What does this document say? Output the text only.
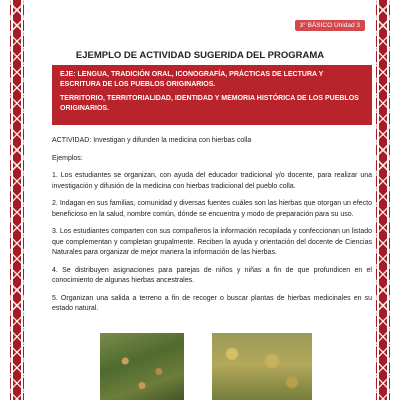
3° BÁSICO Unidad 3
EJEMPLO DE ACTIVIDAD SUGERIDA DEL PROGRAMA

EJE: LENGUA, TRADICIÓN ORAL, ICONOGRAFÍA, PRÁCTICAS DE LECTURA Y ESCRITURA DE LOS PUEBLOS ORIGINARIOS.

TERRITORIO, TERRITORIALIDAD, IDENTIDAD Y MEMORIA HISTÓRICA DE LOS PUEBLOS ORIGINARIOS.

ACTIVIDAD: Investigan y difunden la medicina con hierbas colla

Ejemplos:

1. Los estudiantes se organizan, con ayuda del educador tradicional y/o docente, para realizar una investigación y difusión de la medicina con hierbas tradicional del pueblo colla.

2. Indagan en sus familias, comunidad y diversas fuentes cuáles son las hierbas que otorgan un efecto beneficioso en la salud, nombre común, dónde se encuentra y modo de preparación para su uso.

3. Los estudiantes comparten con sus compañeros la información recopilada y confeccionan un listado que complementan y completan grupalmente. Reciben la ayuda y orientación del docente de Ciencias Naturales para organizar de mejor manera la información de las hierbas.

4. Se distribuyen asignaciones para parejas de niños y niñas a fin de que profundicen en el conocimiento de algunas hierbas ancestrales.

5. Organizan una salida a terreno a fin de recoger o buscar plantas de hierbas medicinales en su estado natural.
